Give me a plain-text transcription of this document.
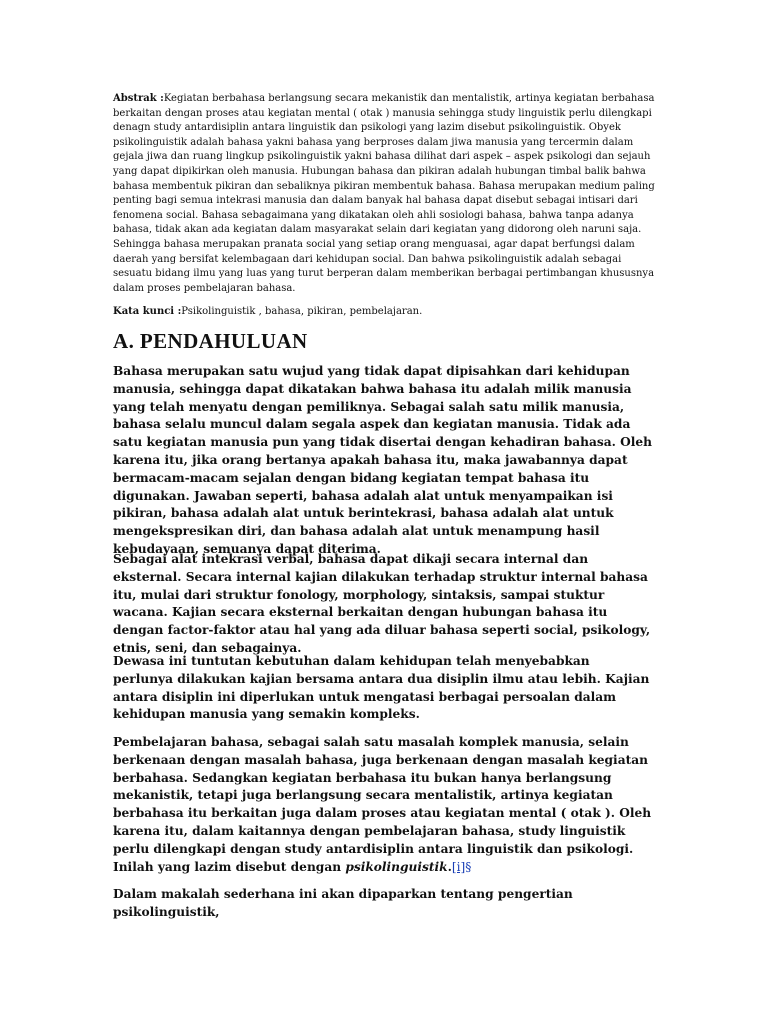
Abstrak :Kegiatan berbahasa berlangsung secara mekanistik dan mentalistik, artinya kegiatan berbahasa berkaitan dengan proses atau kegiatan mental ( otak ) manusia sehingga study linguistik perlu dilengkapi denagn study antardisiplin antara linguistik dan psikologi yang lazim disebut psikolinguistik. Obyek psikolinguistik adalah bahasa yakni bahasa yang berproses dalam jiwa manusia yang tercermin dalam gejala jiwa dan ruang lingkup psikolinguistik yakni bahasa dilihat dari aspek – aspek psikologi dan sejauh yang dapat dipikirkan oleh manusia. Hubungan bahasa dan pikiran adalah hubungan timbal balik bahwa bahasa membentuk pikiran dan sebaliknya pikiran membentuk bahasa. Bahasa merupakan medium paling penting bagi semua intekrasi manusia dan dalam banyak hal bahasa dapat disebut sebagai intisari dari fenomena social. Bahasa sebagaimana yang dikatakan oleh ahli sosiologi bahasa, bahwa tanpa adanya bahasa, tidak akan ada kegiatan dalam masyarakat selain dari kegiatan yang didorong oleh naruni saja. Sehingga bahasa merupakan pranata social yang setiap orang menguasai, agar dapat berfungsi dalam daerah yang bersifat kelembagaan dari kehidupan social. Dan bahwa psikolinguistik adalah sebagai sesuatu bidang ilmu yang luas yang turut berperan dalam memberikan berbagai pertimbangan khususnya dalam proses pembelajaran bahasa.

Kata kunci :Psikolinguistik , bahasa, pikiran, pembelajaran.

A. PENDAHULUAN

Bahasa merupakan satu wujud yang tidak dapat dipisahkan dari kehidupan manusia, sehingga dapat dikatakan bahwa bahasa itu adalah milik manusia yang telah menyatu dengan pemiliknya. Sebagai salah satu milik manusia, bahasa selalu muncul dalam segala aspek dan kegiatan manusia. Tidak ada satu kegiatan manusia pun yang tidak disertai dengan kehadiran bahasa. Oleh karena itu, jika orang bertanya apakah bahasa itu, maka jawabannya dapat bermacam-macam sejalan dengan bidang kegiatan tempat bahasa itu digunakan. Jawaban seperti, bahasa adalah alat untuk menyampaikan isi pikiran, bahasa adalah alat untuk berintekrasi, bahasa adalah alat untuk mengekspresikan diri, dan bahasa adalah alat untuk menampung hasil kebudayaan, semuanya dapat diterima.

Sebagai alat intekrasi verbal, bahasa dapat dikaji secara internal dan eksternal. Secara internal kajian dilakukan terhadap struktur internal bahasa itu, mulai dari struktur fonology, morphology, sintaksis, sampai stuktur wacana. Kajian secara eksternal berkaitan dengan hubungan bahasa itu dengan factor-faktor atau hal yang ada diluar bahasa seperti social, psikology, etnis, seni, dan sebagainya.

Dewasa ini tuntutan kebutuhan dalam kehidupan telah menyebabkan perlunya dilakukan kajian bersama antara dua disiplin ilmu atau lebih. Kajian antara disiplin ini diperlukan untuk mengatasi berbagai persoalan dalam kehidupan manusia yang semakin kompleks.

Pembelajaran bahasa, sebagai salah satu masalah komplek manusia, selain berkenaan dengan masalah bahasa, juga berkenaan dengan masalah kegiatan berbahasa. Sedangkan kegiatan berbahasa itu bukan hanya berlangsung mekanistik, tetapi juga berlangsung secara mentalistik, artinya kegiatan berbahasa itu berkaitan juga dalam proses atau kegiatan mental ( otak ). Oleh karena itu, dalam kaitannya dengan pembelajaran bahasa, study linguistik perlu dilengkapi dengan study antardisiplin antara linguistik dan psikologi. Inilah yang lazim disebut dengan psikolinguistik.[i]§

Dalam makalah sederhana ini akan dipaparkan tentang pengertian psikolinguistik,
